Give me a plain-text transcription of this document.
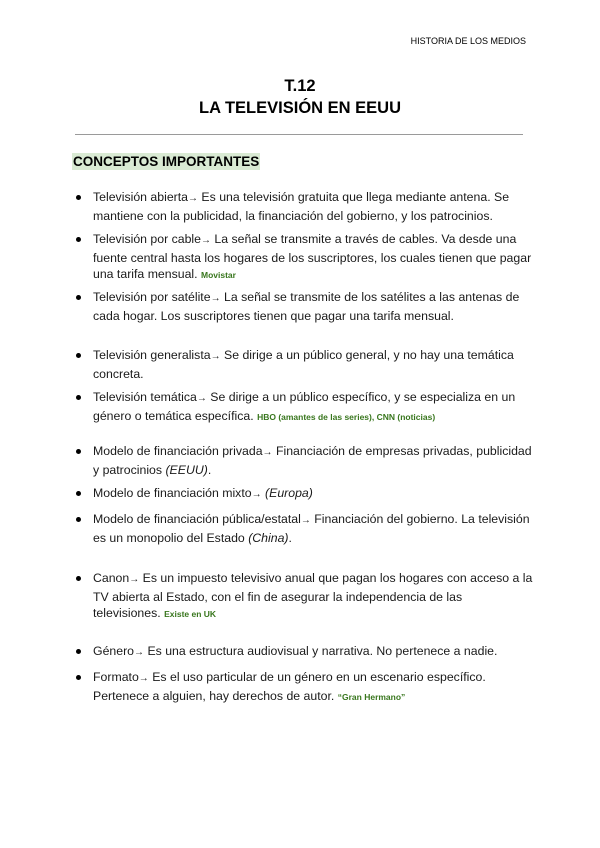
HISTORIA DE LOS MEDIOS
T.12
LA TELEVISIÓN EN EEUU
CONCEPTOS IMPORTANTES
Televisión abierta→ Es una televisión gratuita que llega mediante antena. Se mantiene con la publicidad, la financiación del gobierno, y los patrocinios.
Televisión por cable→ La señal se transmite a través de cables. Va desde una fuente central hasta los hogares de los suscriptores, los cuales tienen que pagar una tarifa mensual. Movistar
Televisión por satélite→ La señal se transmite de los satélites a las antenas de cada hogar. Los suscriptores tienen que pagar una tarifa mensual.
Televisión generalista→ Se dirige a un público general, y no hay una temática concreta.
Televisión temática→ Se dirige a un público específico, y se especializa en un género o temática específica. HBO (amantes de las series), CNN (noticias)
Modelo de financiación privada→ Financiación de empresas privadas, publicidad y patrocinios (EEUU).
Modelo de financiación mixto→ (Europa)
Modelo de financiación pública/estatal→ Financiación del gobierno. La televisión es un monopolio del Estado (China).
Canon→ Es un impuesto televisivo anual que pagan los hogares con acceso a la TV abierta al Estado, con el fin de asegurar la independencia de las televisiones. Existe en UK
Género→ Es una estructura audiovisual y narrativa. No pertenece a nadie.
Formato→ Es el uso particular de un género en un escenario específico. Pertenece a alguien, hay derechos de autor. “Gran Hermano”
